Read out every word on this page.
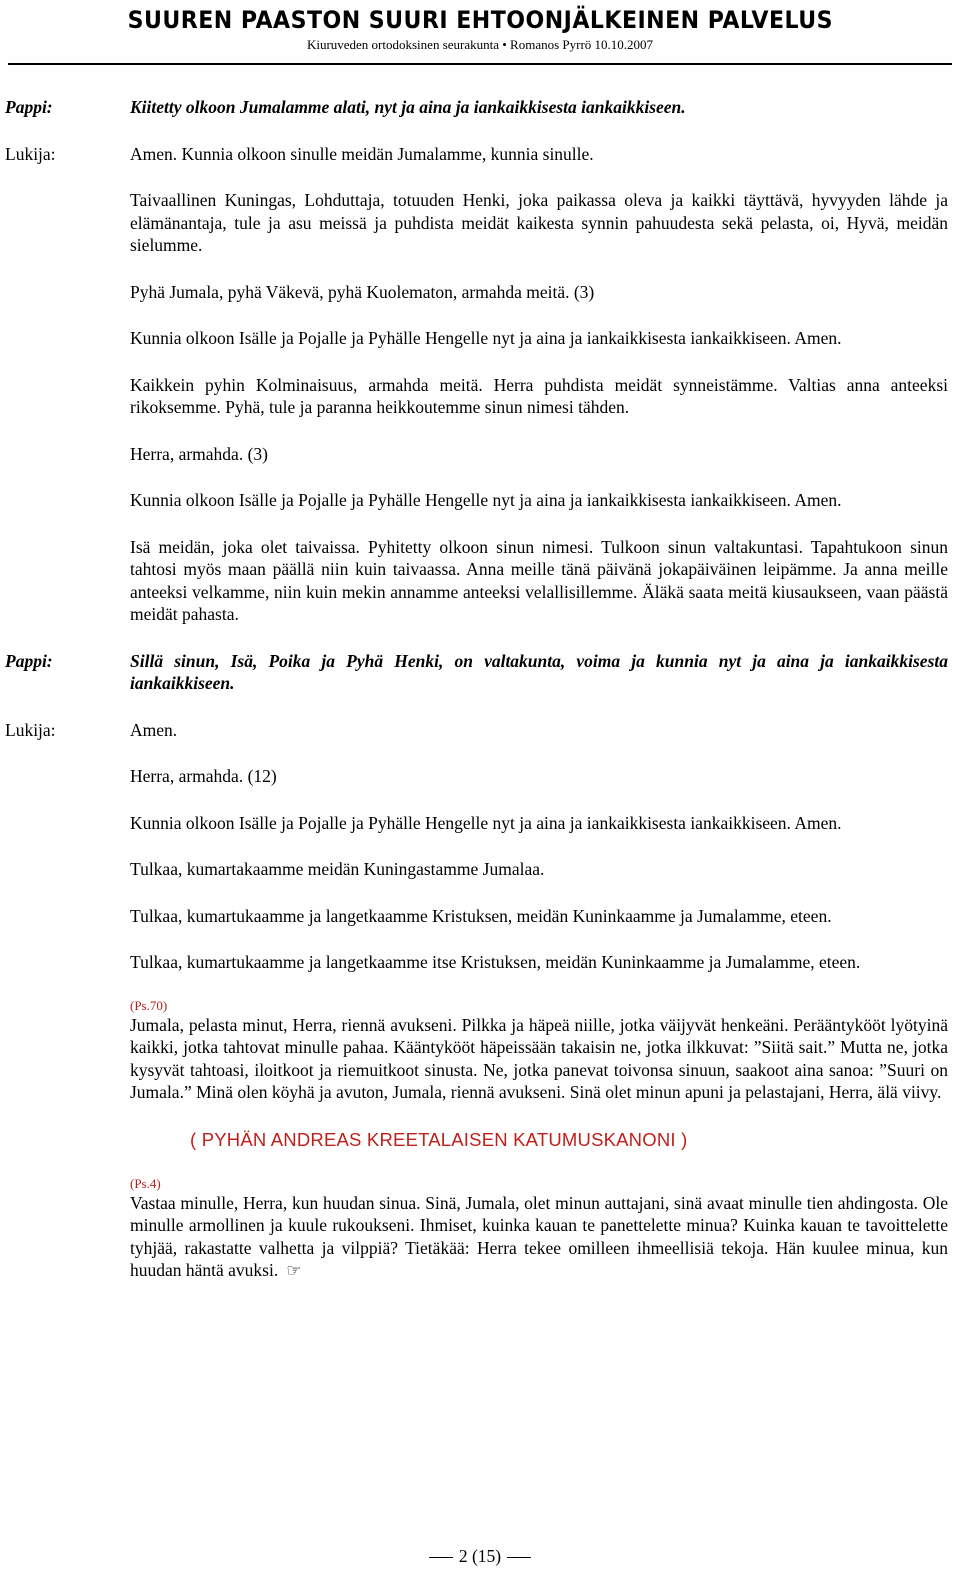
SUUREN PAASTON SUURI EHTOONJÄLKEINEN PALVELUS
Kiuruveden ortodoksinen seurakunta • Romanos Pyrrö 10.10.2007
Pappi:	Kiitetty olkoon Jumalamme alati, nyt ja aina ja iankaikkisesta iankaikkiseen.
Lukija:	Amen. Kunnia olkoon sinulle meidän Jumalamme, kunnia sinulle.
Taivaallinen Kuningas, Lohduttaja, totuuden Henki, joka paikassa oleva ja kaikki täyttävä, hyvyyden lähde ja elämänantaja, tule ja asu meissä ja puhdista meidät kaikesta synnin pahuudesta sekä pelasta, oi, Hyvä, meidän sielumme.
Pyhä Jumala, pyhä Väkevä, pyhä Kuolematon, armahda meitä. (3)
Kunnia olkoon Isälle ja Pojalle ja Pyhälle Hengelle nyt ja aina ja iankaikkisesta iankaikkiseen. Amen.
Kaikkein pyhin Kolminaisuus, armahda meitä. Herra puhdista meidät synneistämme. Valtias anna anteeksi rikoksemme. Pyhä, tule ja paranna heikkoutemme sinun nimesi tähden.
Herra, armahda. (3)
Kunnia olkoon Isälle ja Pojalle ja Pyhälle Hengelle nyt ja aina ja iankaikkisesta iankaikkiseen. Amen.
Isä meidän, joka olet taivaissa. Pyhitetty olkoon sinun nimesi. Tulkoon sinun valtakuntasi. Tapahtukoon sinun tahtosi myös maan päällä niin kuin taivaassa. Anna meille tänä päivänä jokapäiväinen leipämme. Ja anna meille anteeksi velkamme, niin kuin mekin annamme anteeksi velallisillemme. Äläkä saata meitä kiusaukseen, vaan päästä meidät pahasta.
Pappi:	Sillä sinun, Isä, Poika ja Pyhä Henki, on valtakunta, voima ja kunnia nyt ja aina ja iankaikkisesta iankaikkiseen.
Lukija:	Amen.
Herra, armahda. (12)
Kunnia olkoon Isälle ja Pojalle ja Pyhälle Hengelle nyt ja aina ja iankaikkisesta iankaikkiseen. Amen.
Tulkaa, kumartakaamme meidän Kuningastamme Jumalaa.
Tulkaa, kumartukaamme ja langetkaamme Kristuksen, meidän Kuninkaamme ja Jumalamme, eteen.
Tulkaa, kumartukaamme ja langetkaamme itse Kristuksen, meidän Kuninkaamme ja Jumalamme, eteen.
(Ps.70)
Jumala, pelasta minut, Herra, riennä avukseni. Pilkka ja häpeä niille, jotka väijyvät henkeäni. Perääntykööt lyötyinä kaikki, jotka tahtovat minulle pahaa. Kääntykööt häpeissään takaisin ne, jotka ilkkuvat: ”Siitä sait.” Mutta ne, jotka kysyvät tahtoasi, iloitkoot ja riemuitkoot sinusta. Ne, jotka panevat toivonsa sinuun, saakoot aina sanoa: ”Suuri on Jumala.” Minä olen köyhä ja avuton, Jumala, riennä avukseni. Sinä olet minun apuni ja pelastajani, Herra, älä viivy.
( PYHÄN ANDREAS KREETALAISEN KATUMUSKANONI )
(Ps.4)
Vastaa minulle, Herra, kun huudan sinua. Sinä, Jumala, olet minun auttajani, sinä avaat minulle tien ahdingosta. Ole minulle armollinen ja kuule rukoukseni. Ihmiset, kuinka kauan te panettelette minua? Kuinka kauan te tavoittelette tyhjää, rakastatte valhetta ja vilppiä? Tietäkää: Herra tekee omilleen ihmeellisiä tekoja. Hän kuulee minua, kun huudan häntä avuksi. ☞
2 (15)
